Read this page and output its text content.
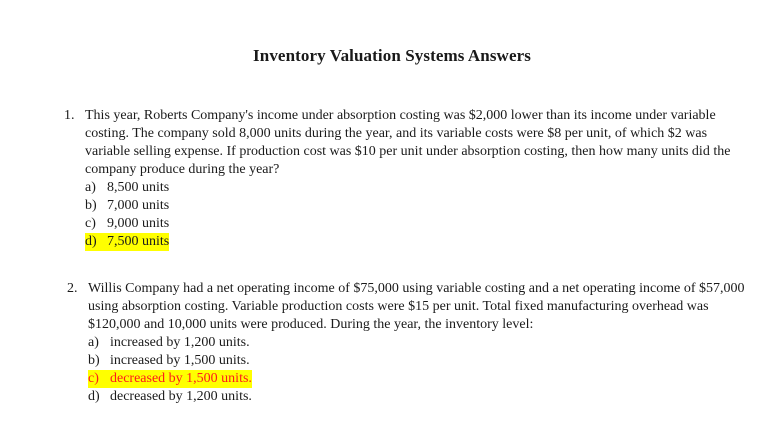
Inventory Valuation Systems Answers
1. This year, Roberts Company's income under absorption costing was $2,000 lower than its income under variable costing. The company sold 8,000 units during the year, and its variable costs were $8 per unit, of which $2 was variable selling expense. If production cost was $10 per unit under absorption costing, then how many units did the company produce during the year?

a) 8,500 units
b) 7,000 units
c) 9,000 units
d) 7,500 units
2. Willis Company had a net operating income of $75,000 using variable costing and a net operating income of $57,000 using absorption costing. Variable production costs were $15 per unit. Total fixed manufacturing overhead was $120,000 and 10,000 units were produced. During the year, the inventory level:

a) increased by 1,200 units.
b) increased by 1,500 units.
c) decreased by 1,500 units.
d) decreased by 1,200 units.
